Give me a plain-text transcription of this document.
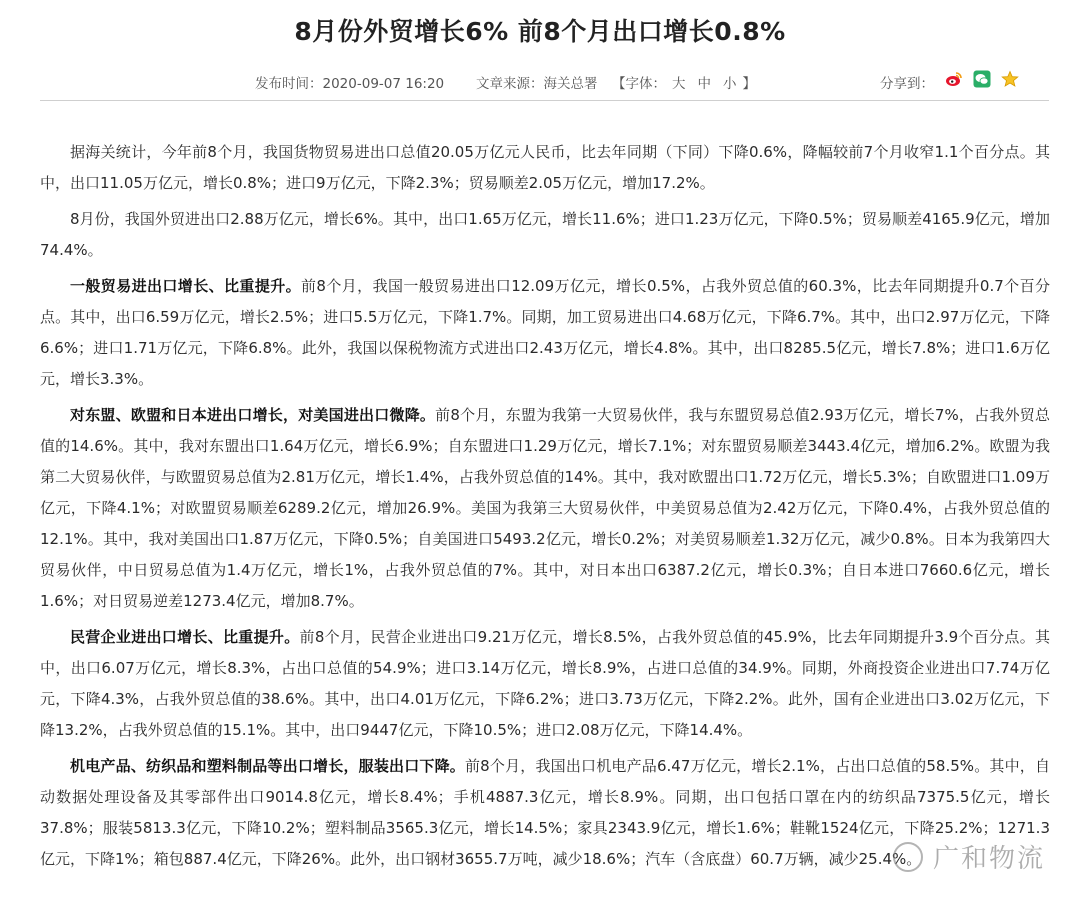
8月份外贸增长6% 前8个月出口增长0.8%
发布时间：2020-09-07 16:20 文章来源：海关总署 【字体： 大 中 小 】	分享到：

据海关统计，今年前8个月，我国货物贸易进出口总值20.05万亿元人民币，比去年同期（下同）下降0.6%，降幅较前7个月收窄1.1个百分点。其中，出口11.05万亿元，增长0.8%；进口9万亿元，下降2.3%；贸易顺差2.05万亿元，增加17.2%。

8月份，我国外贸进出口2.88万亿元，增长6%。其中，出口1.65万亿元，增长11.6%；进口1.23万亿元，下降0.5%；贸易顺差4165.9亿元，增加74.4%。

一般贸易进出口增长、比重提升。前8个月，我国一般贸易进出口12.09万亿元，增长0.5%，占我外贸总值的60.3%，比去年同期提升0.7个百分点。其中，出口6.59万亿元，增长2.5%；进口5.5万亿元，下降1.7%。同期，加工贸易进出口4.68万亿元，下降6.7%。其中，出口2.97万亿元，下降6.6%；进口1.71万亿元，下降6.8%。此外，我国以保税物流方式进出口2.43万亿元，增长4.8%。其中，出口8285.5亿元，增长7.8%；进口1.6万亿元，增长3.3%。

对东盟、欧盟和日本进出口增长，对美国进出口微降。前8个月，东盟为我第一大贸易伙伴，我与东盟贸易总值2.93万亿元，增长7%，占我外贸总值的14.6%。其中，我对东盟出口1.64万亿元，增长6.9%；自东盟进口1.29万亿元，增长7.1%；对东盟贸易顺差3443.4亿元，增加6.2%。欧盟为我第二大贸易伙伴，与欧盟贸易总值为2.81万亿元，增长1.4%，占我外贸总值的14%。其中，我对欧盟出口1.72万亿元，增长5.3%；自欧盟进口1.09万亿元，下降4.1%；对欧盟贸易顺差6289.2亿元，增加26.9%。美国为我第三大贸易伙伴，中美贸易总值为2.42万亿元，下降0.4%，占我外贸总值的12.1%。其中，我对美国出口1.87万亿元，下降0.5%；自美国进口5493.2亿元，增长0.2%；对美贸易顺差1.32万亿元，减少0.8%。日本为我第四大贸易伙伴，中日贸易总值为1.4万亿元，增长1%，占我外贸总值的7%。其中，对日本出口6387.2亿元，增长0.3%；自日本进口7660.6亿元，增长1.6%；对日贸易逆差1273.4亿元，增加8.7%。

民营企业进出口增长、比重提升。前8个月，民营企业进出口9.21万亿元，增长8.5%，占我外贸总值的45.9%，比去年同期提升3.9个百分点。其中，出口6.07万亿元，增长8.3%，占出口总值的54.9%；进口3.14万亿元，增长8.9%，占进口总值的34.9%。同期，外商投资企业进出口7.74万亿元，下降4.3%，占我外贸总值的38.6%。其中，出口4.01万亿元，下降6.2%；进口3.73万亿元，下降2.2%。此外，国有企业进出口3.02万亿元，下降13.2%，占我外贸总值的15.1%。其中，出口9447亿元，下降10.5%；进口2.08万亿元，下降14.4%。

机电产品、纺织品和塑料制品等出口增长，服装出口下降。前8个月，我国出口机电产品6.47万亿元，增长2.1%，占出口总值的58.5%。其中，自动数据处理设备及其零部件出口9014.8亿元，增长8.4%；手机4887.3亿元，增长8.9%。同期，出口包括口罩在内的纺织品7375.5亿元，增长37.8%；服装5813.3亿元，下降10.2%；塑料制品3565.3亿元，增长14.5%；家具2343.9亿元，增长1.6%；鞋靴1524亿元，下降25.2%；1271.3亿元，下降1%；箱包887.4亿元，下降26%。此外，出口钢材3655.7万吨，减少18.6%；汽车（含底盘）60.7万辆，减少25.4%。 广和物流
